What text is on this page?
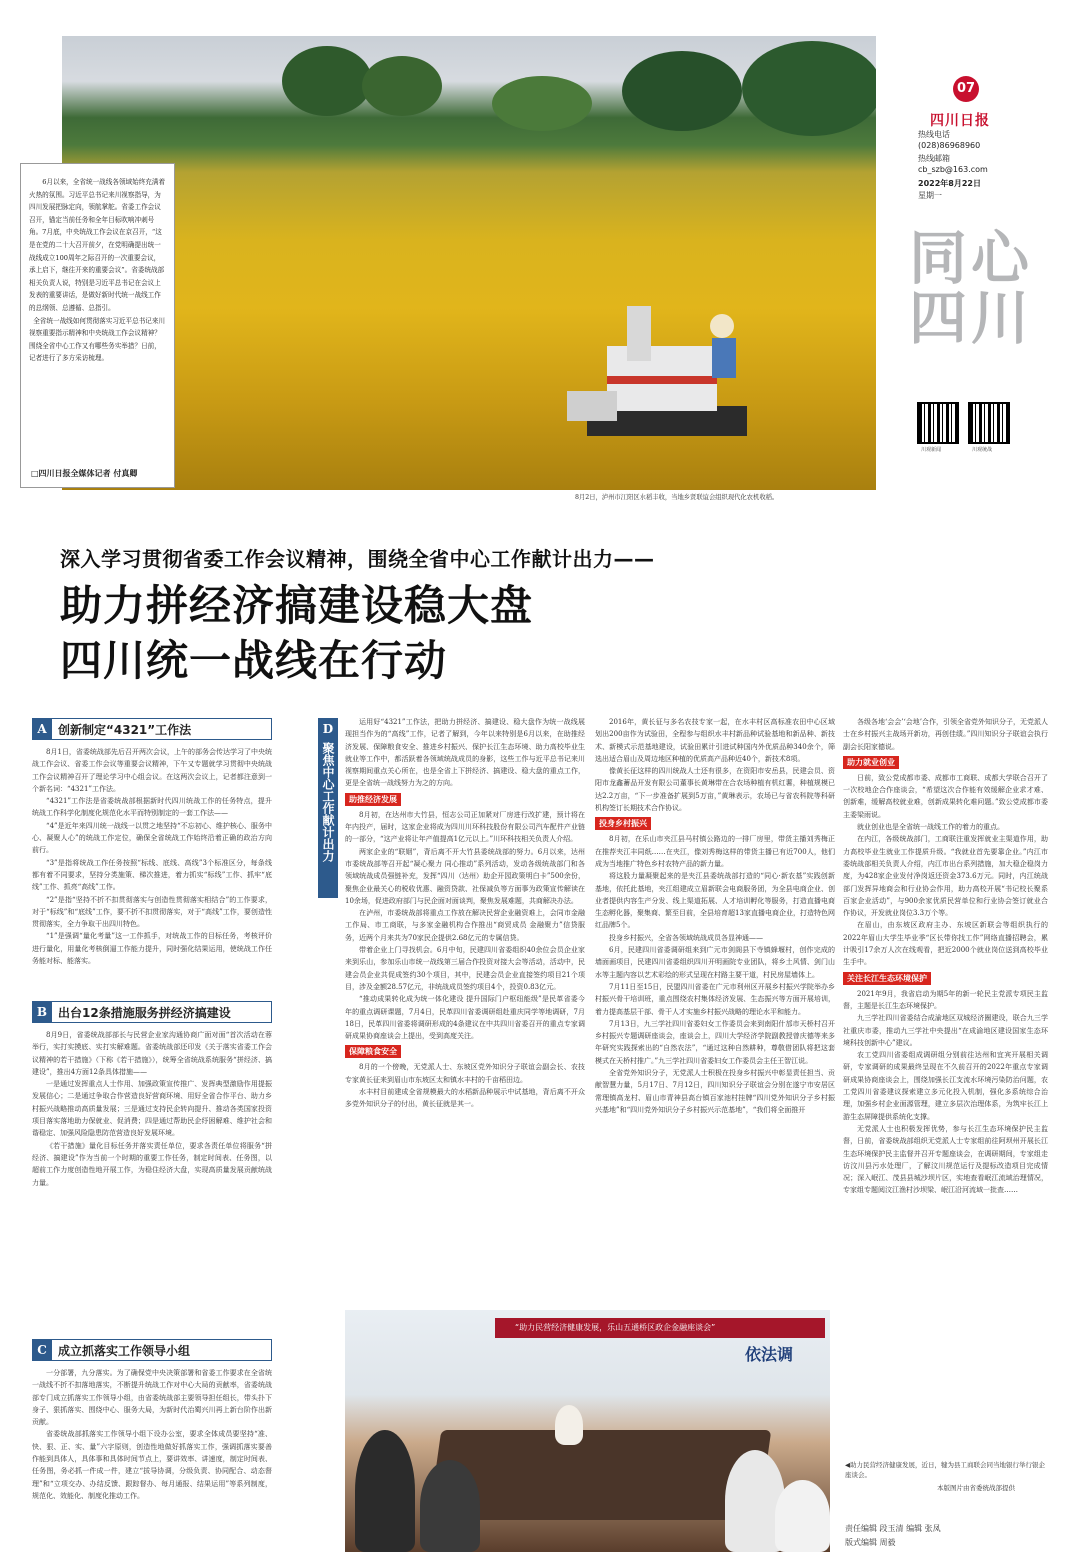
8月2日，泸州市江阳区水稻丰收，当地乡贤联谊会组织现代化农机收稻。
6月以来，全省统一战线各领域始终充满着火热的氛围。习近平总书记来川视察指导，为四川发展把脉定向，领航掌舵。省委工作会议召开，锚定当前任务和全年目标吹响冲刺号角。7月底，中央统战工作会议在京召开，“这是在党的二十大召开前夕，在党明确提出统一战线成立100周年之际召开的一次重要会议，承上启下，继往开来的重要会议”。省委统战部相关负责人说，特别是习近平总书记在会议上发表的重要讲话，是做好新时代统一战线工作的总纲领、总遵循、总指引。
全省统一战线如何贯彻落实习近平总书记来川视察重要指示精神和中央统战工作会议精神？围绕全省中心工作又有哪些务实举措？日前，记者进行了多方采访梳理。
□四川日报全媒体记者 付真卿
07
四川日报
热线电话
(028)86968960
热线邮箱
cb_szb@163.com
2022年8月22日
星期一
同心
四川
川观新闻	川观统战
深入学习贯彻省委工作会议精神，围绕全省中心工作献计出力——
助力拼经济搞建设稳大盘
四川统一战线在行动
A 创新制定“4321”工作法

8月1日，省委统战部先后召开两次会议，上午的部务会传达学习了中央统战工作会议、省委工作会议等重要会议精神，下午又专题就学习贯彻中央统战工作会议精神召开了理论学习中心组会议。在这两次会议上，记者都注意到一个新名词：“4321”工作法。

“4321”工作法是省委统战部根据新时代四川统战工作的任务特点，提升统战工作科学化制度化规范化水平而特别制定的一套工作法——

“4”是近年来四川统一战线一以贯之地坚持“不忘初心、维护核心、服务中心、凝聚人心”的统战工作定位，确保全省统战工作始终沿着正确的政治方向前行。

“3”是指将统战工作任务按照“标线、底线、高线”3个标准区分，每条线都有着不同要求，坚持分类施策、梯次推进，着力抓实“标线”工作、抓牢“底线”工作、抓亮“高线”工作。

“2”是指“坚持不折不扣贯彻落实与创造性贯彻落实相结合”的工作要求，对于“标线”和“底线”工作，要不折不扣贯彻落实，对于“高线”工作，要创造性贯彻落实，全力争取干出四川特色。

“1”是强调“量化考量”这一工作抓手，对统战工作的目标任务，考核评价进行量化，用量化考核倒逼工作能力提升，同时强化结果运用，使统战工作任务能对标、能落实。

B 出台12条措施服务拼经济搞建设

8月9日，省委统战部部长与民营企业家沟通协商广面对面“首次活动在蓉举行，实打实摸底、实打实解难题。省委统战部还印发《关于落实省委工作会议精神的若干措施》（下称《若干措施》），统筹全省统战系统服务“拼经济、搞建设”，推出4方面12条具体措施——

一是通过发挥重点人士作用、加强政策宣传推广、发挥典型激励作用提振发展信心；二是通过争取合作营造良好营商环境、用好全省合作平台、助力乡村振兴战略推动高质量发展；三是通过支持民企转向提升、推动各类国家投资项目落实落地助力保就业、促消费；四是通过帮助民企纾困解难、维护社会和谐稳定、加强风险隐患防范营造良好发展环境。

《若干措施》量化目标任务并落实责任单位，要求各责任单位将服务“拼经济、搞建设”作为当前一个时期的重要工作任务，制定时间表、任务图，以超前工作力度创造性地开展工作，为稳住经济大盘，实现高质量发展贡献统战力量。

C 成立抓落实工作领导小组

一分部署，九分落实。为了确保党中央决策部署和省委工作要求在全省统一战线不折不扣落地落实，不断提升统战工作对中心大局的贡献率，省委统战部专门成立抓落实工作领导小组，由省委统战部主要领导担任组长，带头扑下身子、狠抓落实、围绕中心、服务大局，为新时代治蜀兴川再上新台阶作出新贡献。

省委统战部抓落实工作领导小组下设办公室，要求全体成员要坚持“准、快、狠、正、实、量”六字原则，创造性地做好抓落实工作，强调抓落实要善作能到具体人，具体事和具体时间节点上，要讲效率、讲速度，制定时间表、任务图，务必抓一件成一件，建立“拔导协调，分级负责、协同配合、动态督理”和“立项交办、办结反馈、跟踪督办、每月通报、结果运用”等系列制度，规范化、效能化、制度化推动工作。

D
聚焦中心工作献计出力

运用好“4321”工作法，把助力拼经济、搞建设、稳大盘作为统一战线展现担当作为的“高线”工作，记者了解到，今年以来特别是6月以来，在助推经济发展、保障粮食安全、推进乡村振兴、保护长江生态环境、助力高校毕业生就业等工作中，都活跃着各领域统战成员的身影，这些工作与近平总书记来川视察期间重点关心所在，也是全省上下拼经济、搞建设、稳大盘的重点工作，更是全省统一战线努力为之的方向。

助推经济发展

8月初，在达州市大竹县，恒志公司正加紧对厂房进行改扩建，预计将在年内投产，届时，这家企业将成为四川川环科技股份有限公司汽车配件产业链的一部分，“这产业将让年产值提高1亿元以上。”川环科技相关负责人介绍。

两家企业的“联姻”，背后离不开大竹县委统战部的努力。6月以来，达州市委统战部等召开起“凝心聚力 同心推动”系列活动，发动各级统战部门和各领域统战成员强链补充，发挥“四川（达州）助企开园政策明白卡”500余份，聚焦企业最关心的税收优惠、融资贷款、社保减负等方面事为政策宣传解读在10余场，促进政府部门与民企面对面谈判，聚焦发展难题，共商解决办法。

在泸州，市委统战部将重点工作放在解决民营企业融资难上，会同市金融工作局、市工商联，与多家金融机构合作推出“商贸成员 金融聚力”信贷服务，近两个月来共为70家民企提供2.68亿元的专属信贷。

带着企业上门寻找机会。6月中旬，民建四川省委组织40余位会员企业家来到乐山，参加乐山市统一战线第三届合作投资对接大会等活动，活动中，民建会员企业共促成签约30个项目，其中，民建会员企业直接签约项目21个项目，涉及金额28.57亿元，非统战成员签约项目4个，投资0.83亿元。

“推动成果转化成为统一体化建设 提升国际门户枢纽能级”是民革省委今年的重点调研课题，7月4日，民革四川省委调研组赴重庆同学等地调研，7月18日，民革四川省委将调研形成的4条建议在中共四川省委召开的重点专家调研成果协商座谈会上提出，受到高度关注。

保障粮食安全

8月的一个傍晚，无党派人士、东坡区党外知识分子联谊会副会长、农技专家黄长征来到眉山市东坡区太和镇水丰村的千亩稻田边。

水丰村目前建成全省规模最大的水稻新品种展示中试基地，背后离不开众多党外知识分子的付出，黄长征就是其一。

2016年，黄长征与多名农技专家一起，在水丰村区高标准农田中心区域划出200亩作为试验田，全程参与组织水丰村新品种试验基地和新品种、新技术、新模式示范基地建设，试验田累计引进试种国内外优质品种340余个，筛选出适合眉山及周边地区种植的优质高产品种近40个，新技术8项。

像黄长征这样的四川统战人士还有很多，在资阳市安岳县，民建会员、资阳市龙鑫蓄品开发有限公司董事长黄琳带在合农场种植有机红薯，种植规模已达2.2万亩，“下一步准备扩展到5万亩，”黄琳表示，农场已与省农科院等科研机构签订长期技术合作协议。

投身乡村振兴

8月初，在乐山市夹江县马村镇公路边的一排厂房里，带货主播刘秀梅正在推荐夹江丰同纸……在夹江，像刘秀梅这样的带货主播已有近700人，他们成为当地推广特色乡村农特产品的新力量。

将这股力量凝聚起来的是夹江县委统战部打造的“同心·新农基”实践创新基地，依托此基地，夹江组建成立眉新联会电商服务团，为全县电商企业、创业者提供内容生产分发、线上渠道拓展、人才培训孵化等服务，打造直播电商生态孵化器，聚集商、繁至目前，全县培育超13家直播电商企业，打造特色网红品牌5个。

投身乡村振兴，全省各领域统战成员各显神通——

6月，民建四川省委调研组来到广元市剑阁县下寺镇蜂堰村，创作完成的墙面画项目，民建四川省委组织四川开明画院专业团队，将乡土风情、剑门山水等主题内容以艺术彩绘的形式呈现在村路主要干道，村民房屋墙体上。

7月11日至15日，民盟四川省委在广元市利州区开展乡村振兴学院举办乡村振兴骨干培训班，重点围绕农村集体经济发展、生态振兴等方面开展培训，着力提高基层干部、骨干人才实施乡村振兴战略的理论水平和能力。

7月13日，九三学社四川省委妇女工作委员会来到南阳什邡市天桥村召开乡村振兴专题调研座谈会，座谈会上，四川大学经济学院副教授曾庆德等来多年研究实践探索出的“自然农法”，“通过这种自然耕种，尊敬借团队将把这套模式在天桥村推广。”九三学社四川省委妇女工作委员会主任王智江说。

全省党外知识分子，无党派人士积极在投身乡村振兴中彰显责任担当、贡献智慧力量，5月17日、7月12日，四川知识分子联谊会分别在遂宁市安居区常理镇高龙村、眉山市青神县高台镇百家池村挂牌“四川党外知识分子乡村振兴基地”和“四川党外知识分子乡村振兴示范基地”，“我们将全面推开

各级各地‘会会’‘会地’合作，引领全省党外知识分子，无党派人士在乡村振兴主战场开新功，再创佳绩。”四川知识分子联谊会执行副会长阳家德说。

助力就业创业

日前，致公党成都市委、成都市工商联、成都大学联合召开了一次校地企合作座谈会，“希望这次合作能有效缓解企业求才难、创新难，缓解高校就业难，创新成果转化难问题。”致公党成都市委主委梁雨说。

就业创业也是全省统一战线工作的着力的重点。

在内江，各级统战部门，工商联注重发挥就业主渠道作用，助力高校毕业生就业工作提质升级。“我就业首先要靠企业。”内江市委统战部相关负责人介绍，内江市出台系列措施，加大稳企稳岗力度，为428家企业发付净岗返还资金373.6万元。同时，内江统战部门发挥异地商会和行业协会作用，助力高校开展“书记校长聚系百家企业活动”，与900余家优质民营单位和行业协会签订就业合作协议，开发就业岗位3.3万个等。

在眉山，由东坡区政府主办、东坡区新联会等组织执行的2022年眉山大学生毕业季“区长带你找工作”网络直播招聘会，累计吸引17余万人次在线观看，把近2000个就业岗位送到高校毕业生手中。

关注长江生态环境保护

2021年9月，我省启动为期5年的新一轮民主党派专项民主监督，主题是长江生态环境保护。

九三学社四川省委结合成渝地区双城经济圈建设，联合九三学社重庆市委，推动九三学社中央提出“在成渝地区建设国家生态环境科技创新中心”建议。

农工党四川省委组成调研组分别前往达州和宜宾开展相关调研，专家调研的成果最终呈现在不久前召开的2022年重点专家调研成果协商座谈会上，围绕加强长江支流水环境污染防治问题，农工党四川省委建议探索建立多元化投入机制，强化多系统综合治理，加强乡村企业面源管理，建立多层次治理体系，为筑牢长江上游生态屏障提供系统化支撑。

无党派人士也积极发挥优势，参与长江生态环境保护民主监督，日前，省委统战部组织无党派人士专家组前往阿坝州开展长江生态环境保护民主监督并召开专题座谈会，在调研期间，专家组走访汶川县污水处理厂，了解汶川规范运行及提标改造项目完成情况；深入岷江、茂县县城沙坝片区，实地查看岷江流域治理情况，专家组专题阅汶江渔村沙坝梁、岷江沿河流域一批查……

“助力民营经济健康发展，乐山五通桥区政企金融座谈会”
依法调
◀助力民营经济健康发展，近日，犍为县工商联会同当地银行举行银企座谈会。
本版图片由省委统战部提供
责任编辑 段玉清 编辑 张凤
版式编辑 周毅
